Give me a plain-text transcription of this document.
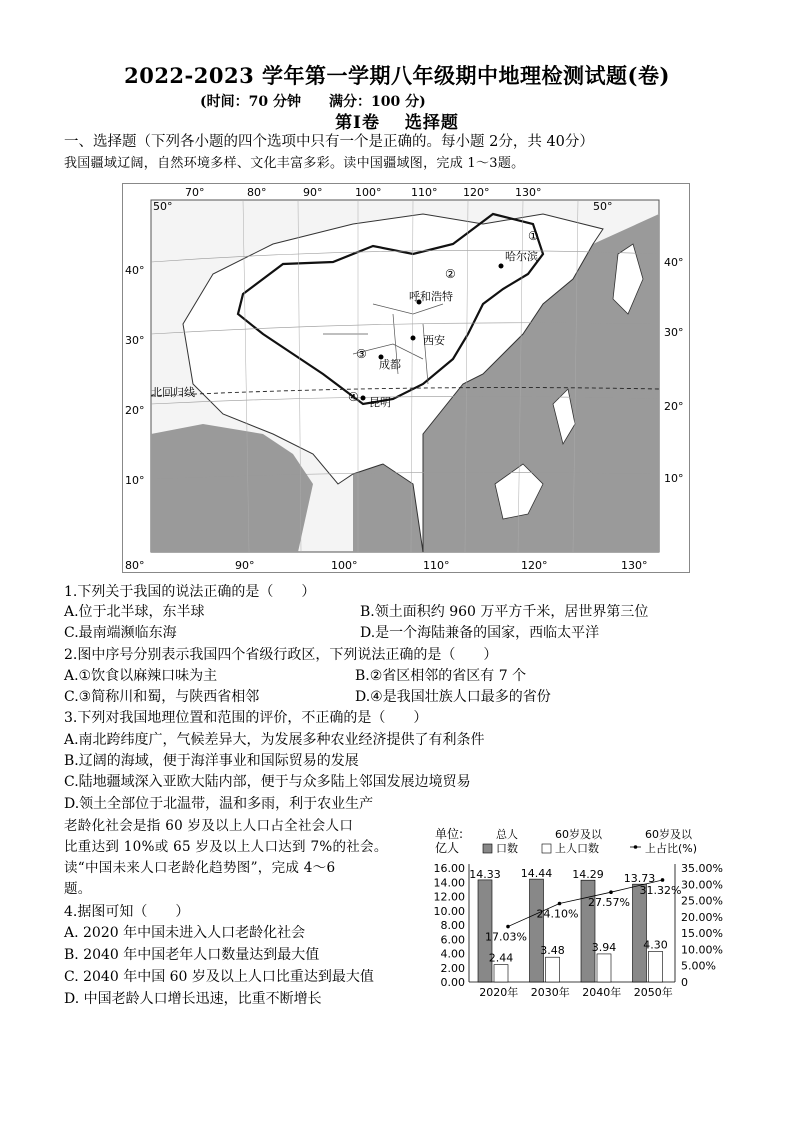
2022-2023 学年第一学期八年级期中地理检测试题(卷)
(时间：70 分钟　　满分：100 分)
第Ⅰ卷　 选择题
一、选择题（下列各小题的四个选项中只有一个是正确的。每小题 2分，共 40分）
我国疆域辽阔，自然环境多样、文化丰富多彩。读中国疆域图，完成 1～3题。
70°	80°	90°	100°	110° 120° 130°
80°	90°	100°	110°	120°	130°
50°
40°
30°
20°
10°
50°
40°
30°
20°
10°
北回归线
哈尔滨
呼和浩特
西安
成都
昆明
①
②
③
④
1.下列关于我国的说法正确的是（　　）
A.位于北半球，东半球	B.领土面积约 960 万平方千米，居世界第三位
C.最南端濒临东海	D.是一个海陆兼备的国家，西临太平洋
2.图中序号分别表示我国四个省级行政区，下列说法正确的是（　　）
A.①饮食以麻辣口味为主	B.②省区相邻的省区有 7 个
C.③简称川和蜀，与陕西省相邻	D.④是我国壮族人口最多的省份
3.下列对我国地理位置和范围的评价，不正确的是（　　）
A.南北跨纬度广，气候差异大，为发展多种农业经济提供了有利条件
B.辽阔的海域，便于海洋事业和国际贸易的发展
C.陆地疆域深入亚欧大陆内部，便于与众多陆上邻国发展边境贸易
D.领土全部位于北温带，温和多雨，利于农业生产
老龄化社会是指 60 岁及以上人口占全社会人口
比重达到 10%或 65 岁及以上人口达到 7%的社会。
读“中国未来人口老龄化趋势图”，完成 4～6
题。
4.据图可知（　　）
A. 2020 年中国未进入人口老龄化社会
B. 2040 年中国老年人口数量达到最大值
C. 2040 年中国 60 岁及以上人口比重达到最大值
D. 中国老龄人口增长迅速，比重不断增长
单位:
亿人
总人
口数
60岁及以
上人口数
60岁及以
上占比(%)
16.00
14.00
12.00
10.00
8.00
6.00
4.00
2.00
0.00
35.00%
30.00%
25.00%
20.00%
15.00%
10.00%
5.00%
0
14.33
2.44
2020年
14.44
3.48
2030年
14.29
3.94
2040年
13.73
4.30
2050年
17.03%
24.10%
27.57%
31.32%
